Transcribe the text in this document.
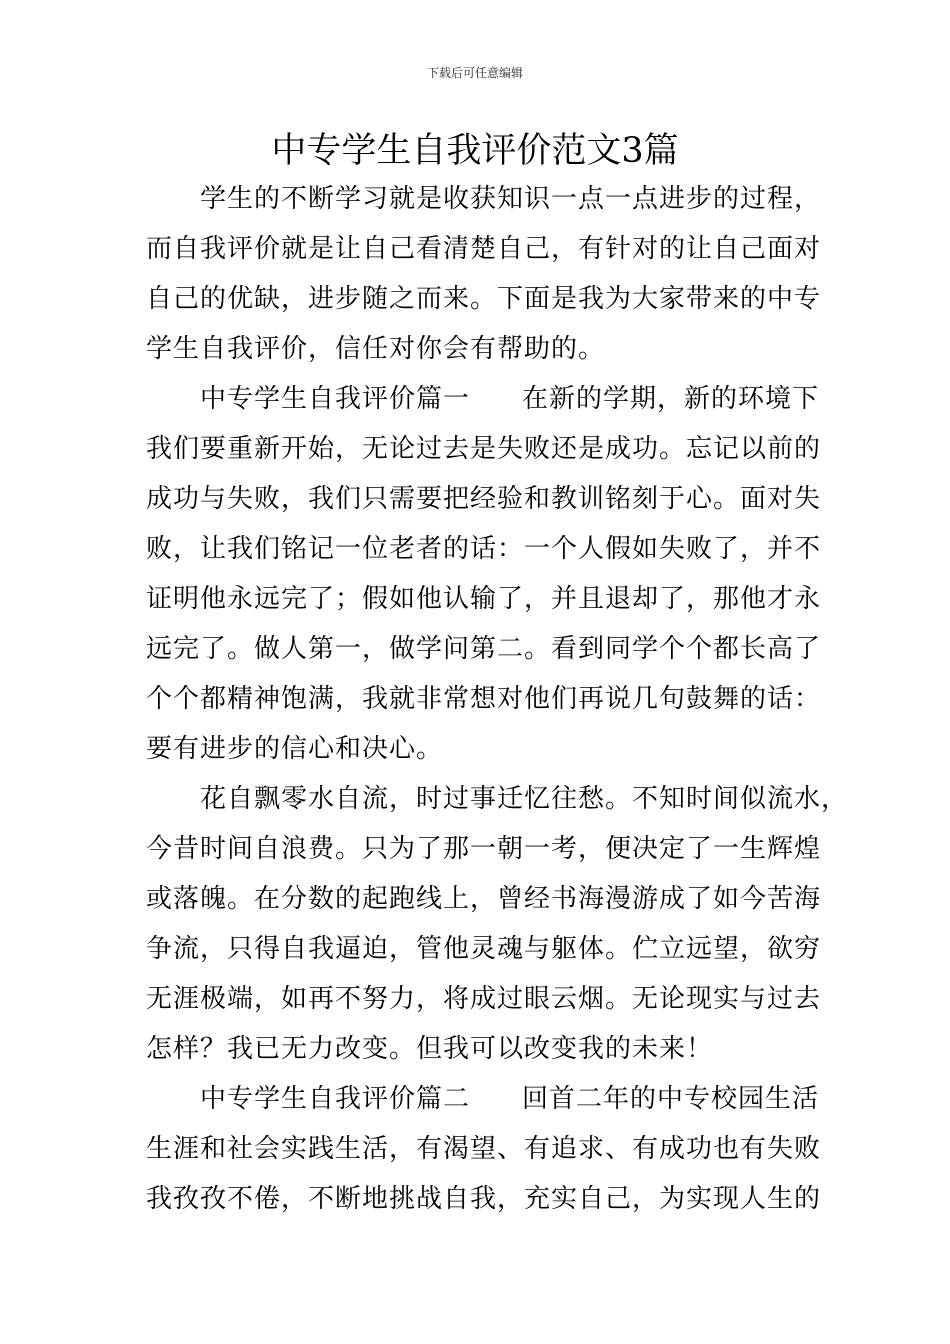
下载后可任意编辑
中专学生自我评价范文3篇
学生的不断学习就是收获知识一点一点进步的过程，
而自我评价就是让自己看清楚自己，有针对的让自己面对
自己的优缺，进步随之而来。下面是我为大家带来的中专
学生自我评价，信任对你会有帮助的。
中专学生自我评价篇一 在新的学期，新的环境下
我们要重新开始，无论过去是失败还是成功。忘记以前的
成功与失败，我们只需要把经验和教训铭刻于心。面对失
败，让我们铭记一位老者的话：一个人假如失败了，并不
证明他永远完了；假如他认输了，并且退却了，那他才永
远完了。做人第一，做学问第二。看到同学个个都长高了
个个都精神饱满，我就非常想对他们再说几句鼓舞的话：
要有进步的信心和决心。
花自飘零水自流，时过事迁忆往愁。不知时间似流水，
今昔时间自浪费。只为了那一朝一考，便决定了一生辉煌
或落魄。在分数的起跑线上，曾经书海漫游成了如今苦海
争流，只得自我逼迫，管他灵魂与躯体。伫立远望，欲穷
无涯极端，如再不努力，将成过眼云烟。无论现实与过去
怎样？我已无力改变。但我可以改变我的未来！
中专学生自我评价篇二 回首二年的中专校园生活
生涯和社会实践生活，有渴望、有追求、有成功也有失败
我孜孜不倦，不断地挑战自我，充实自己，为实现人生的
